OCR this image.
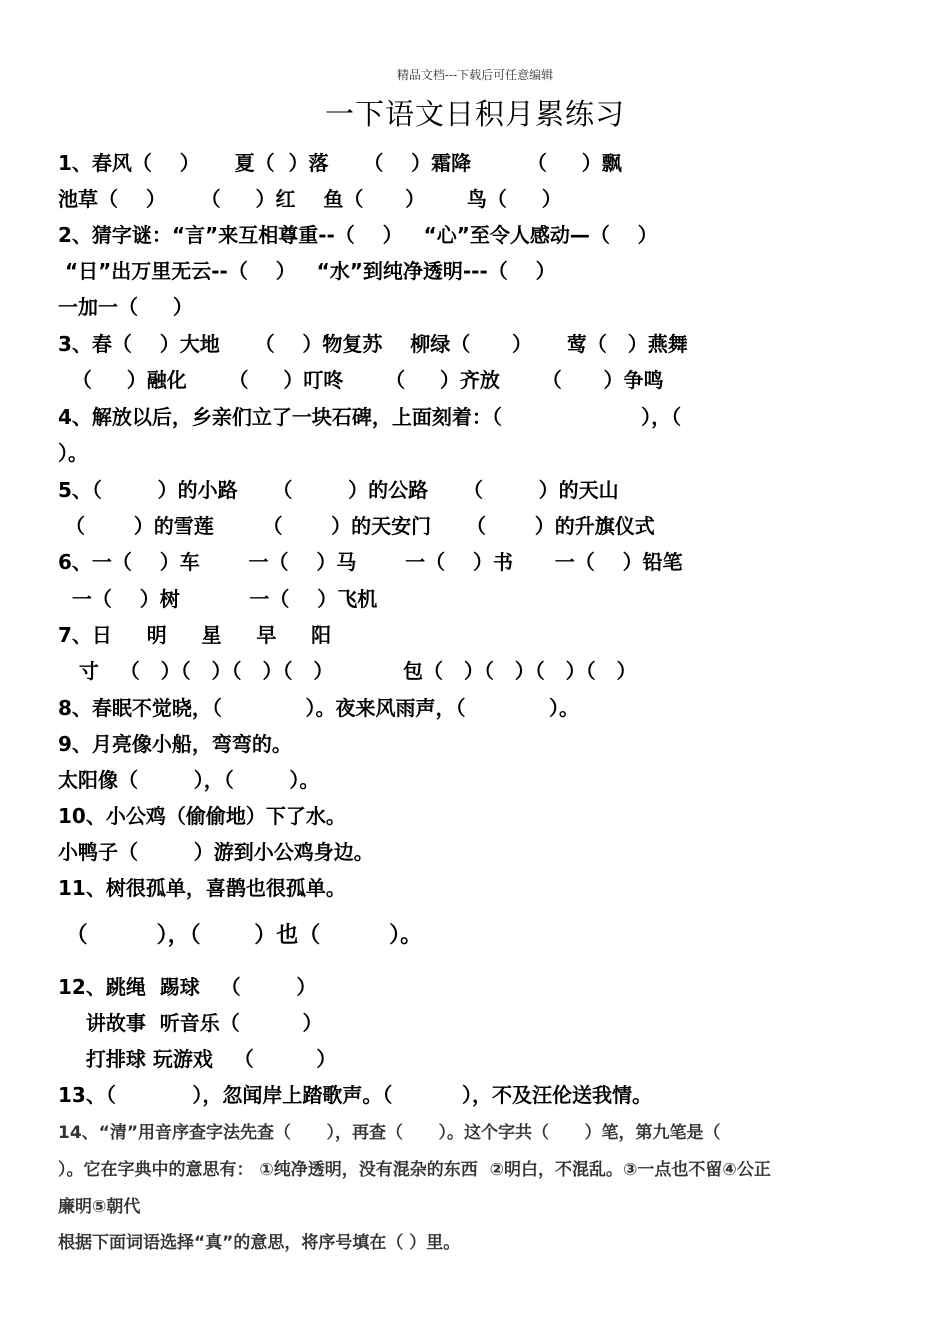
精品文档---下载后可任意编辑
一下语文日积月累练习
1、春风（    ）     夏（  ）落     （    ）霜降        （     ）飘
池草（    ）     （     ）红    鱼（      ）      鸟（     ）
2、猜字谜：“言”来互相尊重--（    ）   “心”至令人感动—（    ）
“日”出万里无云--（    ）   “水”到纯净透明---（    ）
一加一（     ）
3、春（    ）大地     （    ）物复苏    柳绿（      ）     莺（   ）燕舞
（     ）融化      （     ）叮咚      （     ）齐放      （      ）争鸣
4、解放以后，乡亲们立了一块石碑，上面刻着：（                    ），（
）。
5、（        ）的小路     （        ）的公路     （        ）的天山
（       ）的雪莲       （       ）的天安门     （       ）的升旗仪式
6、一（    ）车       一（    ）马       一（    ）书      一（    ）铅笔
一（    ）树          一（    ）飞机
7、日     明     星     早     阳
寸   （   ）（   ）（   ）（   ）          包（   ）（   ）（   ）（   ）
8、春眠不觉晓，（            ）。夜来风雨声，（            ）。
9、月亮像小船，弯弯的。
太阳像（        ），（        ）。
10、小公鸡（偷偷地）下了水。
小鸭子（        ）游到小公鸡身边。
11、树很孤单，喜鹊也很孤单。
（         ），（       ）也（         ）。
12、跳绳  踢球   （        ）
讲故事  听音乐（         ）
打排球 玩游戏   （         ）
13、（           ），忽闻岸上踏歌声。（          ），不及汪伦送我情。
14、“清”用音序查字法先查（      ），再查（      ）。这个字共（      ）笔，第九笔是（
）。它在字典中的意思有： ①纯净透明，没有混杂的东西  ②明白，不混乱。③一点也不留④公正
廉明⑤朝代
根据下面词语选择“真”的意思，将序号填在（ ）里。
